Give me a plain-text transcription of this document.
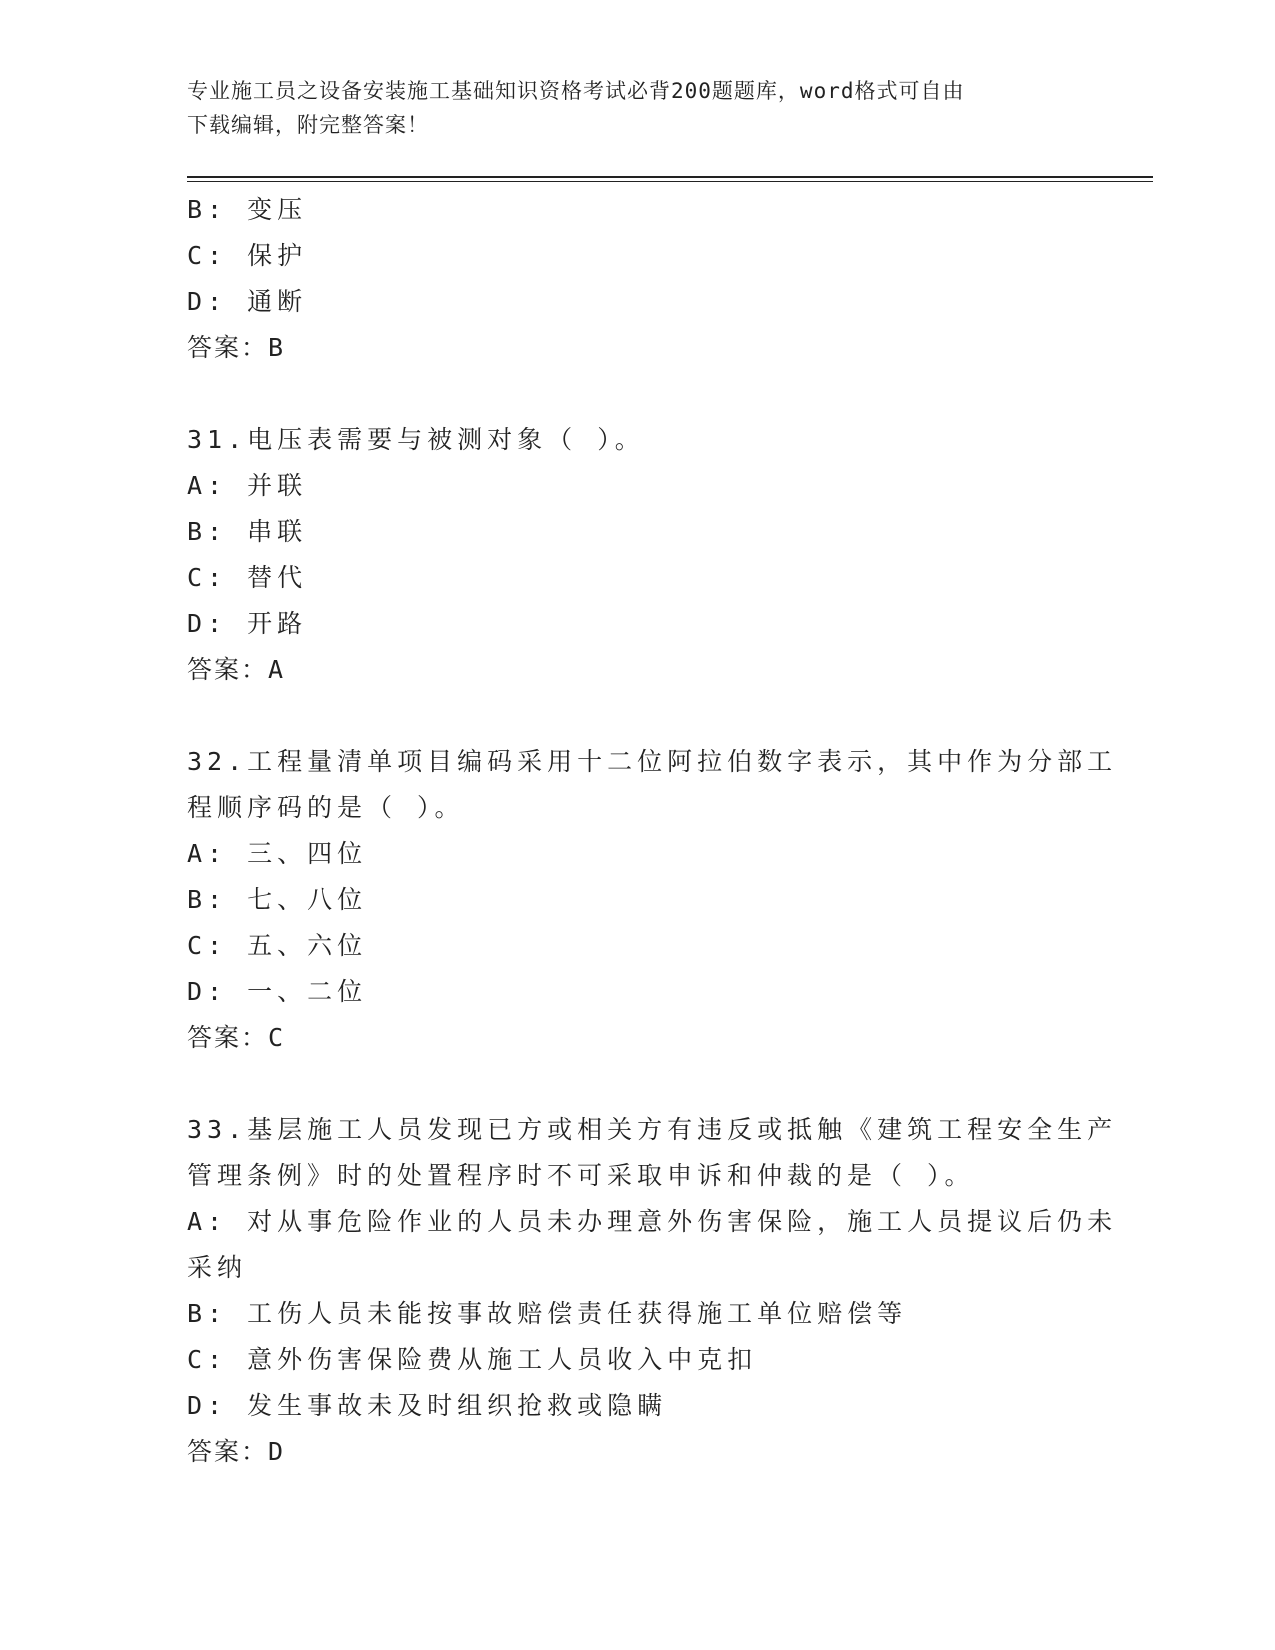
专业施工员之设备安装施工基础知识资格考试必背200题题库，word格式可自由
下载编辑，附完整答案！
B: 变压
C: 保护
D: 通断
答案：B
31.电压表需要与被测对象（ ）。
A: 并联
B: 串联
C: 替代
D: 开路
答案：A
32.工程量清单项目编码采用十二位阿拉伯数字表示，其中作为分部工
程顺序码的是（ ）。
A: 三、四位
B: 七、八位
C: 五、六位
D: 一、二位
答案：C
33.基层施工人员发现已方或相关方有违反或抵触《建筑工程安全生产
管理条例》时的处置程序时不可采取申诉和仲裁的是（ ）。
A: 对从事危险作业的人员未办理意外伤害保险，施工人员提议后仍未
采纳
B: 工伤人员未能按事故赔偿责任获得施工单位赔偿等
C: 意外伤害保险费从施工人员收入中克扣
D: 发生事故未及时组织抢救或隐瞒
答案：D
